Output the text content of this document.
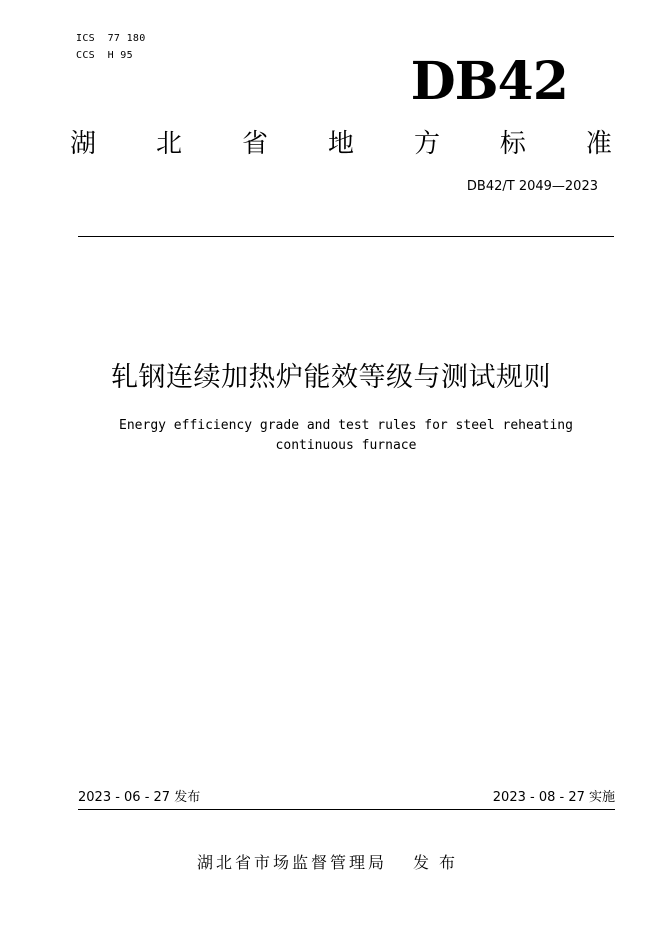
ICS  77 180
CCS  H 95	DB42
湖 北 省 地 方 标 准
DB42/T 2049—2023
轧钢连续加热炉能效等级与测试规则
Energy efficiency grade and test rules for steel reheating
continuous furnace
2023 - 06 - 27 发布	2023 - 08 - 27 实施
湖北省市场监督管理局 发布
